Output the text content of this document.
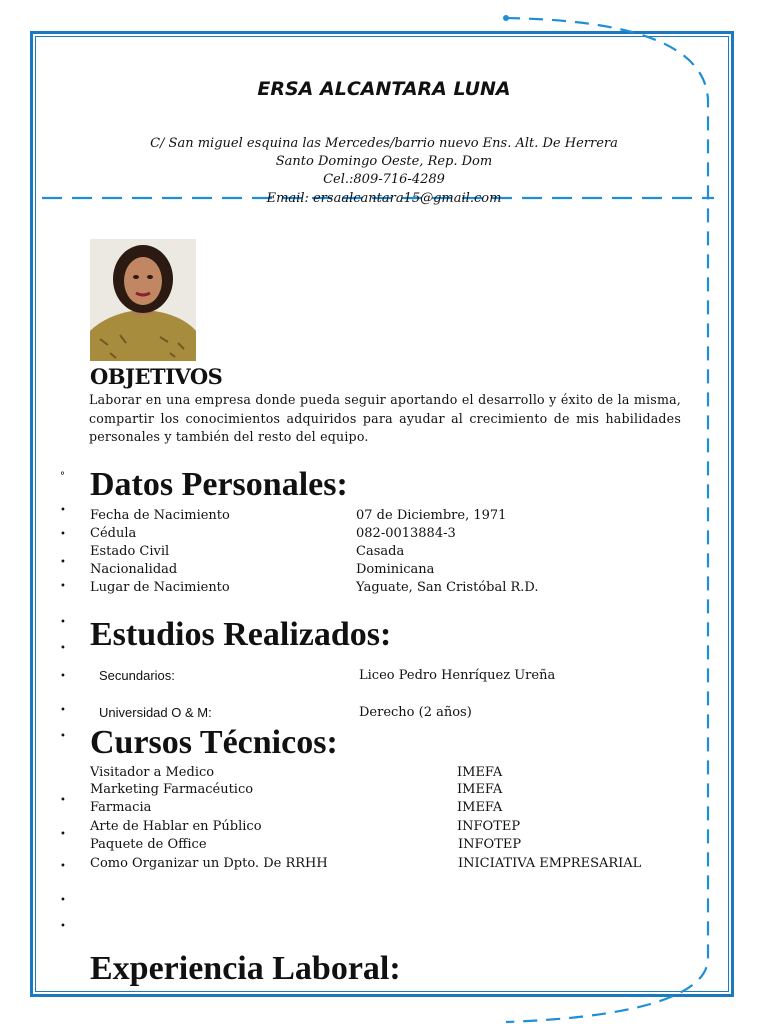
ERSA ALCANTARA LUNA
C/ San miguel esquina las Mercedes/barrio nuevo Ens. Alt. De Herrera
Santo Domingo Oeste, Rep. Dom
Cel.:809-716-4289
Email: ersaalcantara15@gmail.com
OBJETIVOS
Laborar en una empresa donde pueda seguir aportando el desarrollo y éxito de la misma, compartir los conocimientos adquiridos para ayudar al crecimiento de mis habilidades personales y también del resto del equipo.
°
•
•
•
•
•
•
•
•
•
•
•
•
•
•
Datos Personales:
Fecha de Nacimiento	07 de Diciembre, 1971
Cédula	082-0013884-3
Estado Civil	Casada
Nacionalidad	Dominicana
Lugar de Nacimiento	Yaguate, San Cristóbal R.D.
Estudios Realizados:
Secundarios:	Liceo Pedro Henríquez Ureña
Universidad O & M:	Derecho (2 años)
Cursos Técnicos:
Visitador a Medico	IMEFA
Marketing Farmacéutico	IMEFA
Farmacia	IMEFA
Arte de Hablar en Público	INFOTEP
Paquete de Office	INFOTEP
Como Organizar un Dpto. De RRHH	INICIATIVA EMPRESARIAL
Experiencia Laboral:
